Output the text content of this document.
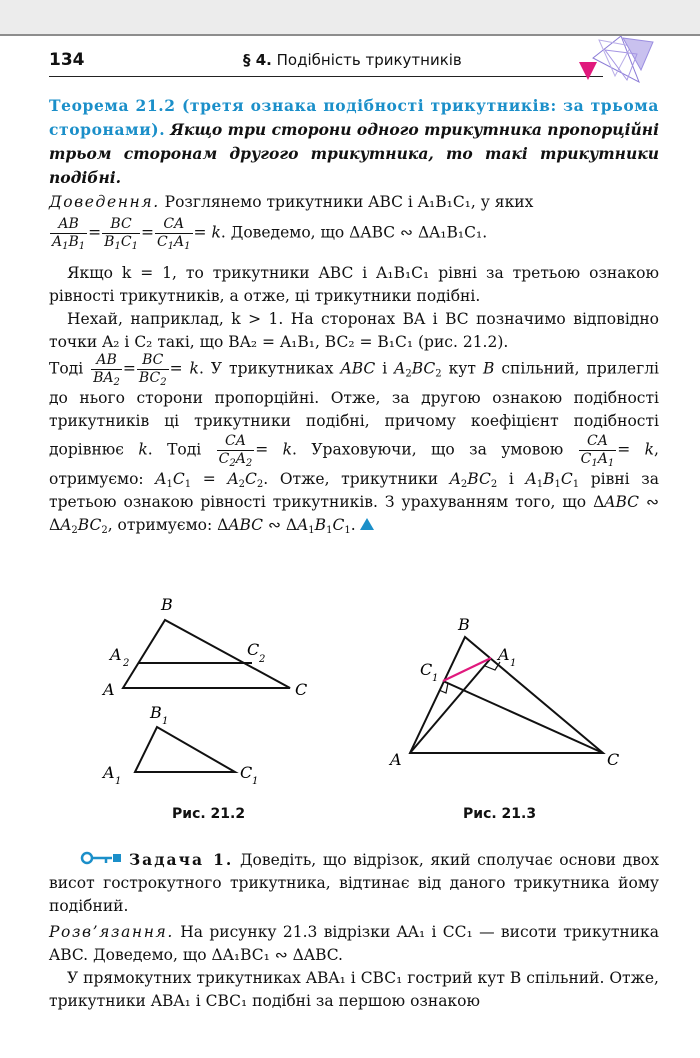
134	§ 4. Подібність трикутників
Теорема 21.2 (третя ознака подібності трикутників: за трьома сторонами). Якщо три сторони одного трикутника пропорційні трьом сторонам другого трикутника, то такі трикутники подібні.
Доведення. Розглянемо трикутники ABC і A₁B₁C₁, у яких
$\frac{AB}{A_1B_1} = \frac{BC}{B_1C_1} = \frac{CA}{C_1A_1} = k$. Доведемо, що ΔABC ∾ ΔA₁B₁C₁.
Якщо k = 1, то трикутники ABC і A₁B₁C₁ рівні за третьою ознакою рівності трикутників, а отже, ці трикутники подібні.
Нехай, наприклад, k > 1. На сторонах BA і BC позначимо відповідно точки A₂ і C₂ такі, що BA₂ = A₁B₁, BC₂ = B₁C₁ (рис. 21.2).
Тоді $\frac{AB}{BA_2} = \frac{BC}{BC_2} = k$. У трикутниках ABC і $A_2BC_2$ кут B спільний, прилеглі до нього сторони пропорційні. Отже, за другою ознакою подібності трикутників ці трикутники подібні, причому коефіцієнт подібності дорівнює k. Тоді $\frac{CA}{C_2A_2} = k$. Ураховуючи, що за умовою $\frac{CA}{C_1A_1} = k$, отримуємо: $A_1C_1 = A_2C_2$. Отже, трикутники $A_2BC_2$ і $A_1B_1C_1$ рівні за третьою ознакою рівності трикутників. З урахуванням того, що ΔABC ∾ $\Delta A_2BC_2$, отримуємо: ΔABC ∾ $\Delta A_1B_1C_1$.
B
A 2
C
2
A	C
B 1
A 1	C 1
Рис. 21.2
B
A 1
C 1
A	C
Рис. 21.3
Задача 1. Доведіть, що відрізок, який сполучає основи двох висот гострокутного трикутника, відтинає від даного трикутника йому подібний.
Розв’язання. На рисунку 21.3 відрізки AA₁ і CC₁ — висоти трикутника ABC. Доведемо, що ΔA₁BC₁ ∾ ΔABC.
У прямокутних трикутниках ABA₁ і CBC₁ гострий кут B спільний. Отже, трикутники ABA₁ і CBC₁ подібні за першою ознакою
